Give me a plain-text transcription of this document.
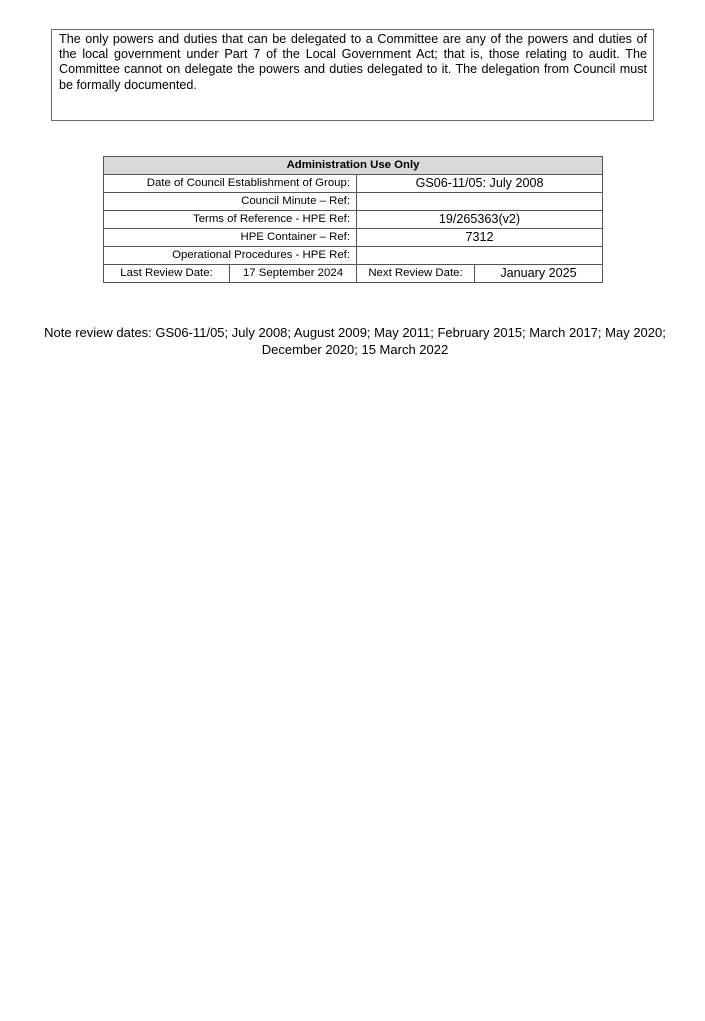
The only powers and duties that can be delegated to a Committee are any of the powers and duties of the local government under Part 7 of the Local Government Act; that is, those relating to audit. The Committee cannot on delegate the powers and duties delegated to it. The delegation from Council must be formally documented.

Administration Use Only			
Date of Council Establishment of Group:		GS06-11/05: July 2008	
Council Minute – Ref:			
Terms of Reference - HPE Ref:		19/265363(v2)	
HPE Container – Ref:		7312	
Operational Procedures - HPE Ref:			
Last Review Date:	17 September 2024	Next Review Date:	January 2025
Note review dates: GS06-11/05; July 2008; August 2009; May 2011; February 2015; March 2017; May 2020;
December 2020; 15 March 2022
